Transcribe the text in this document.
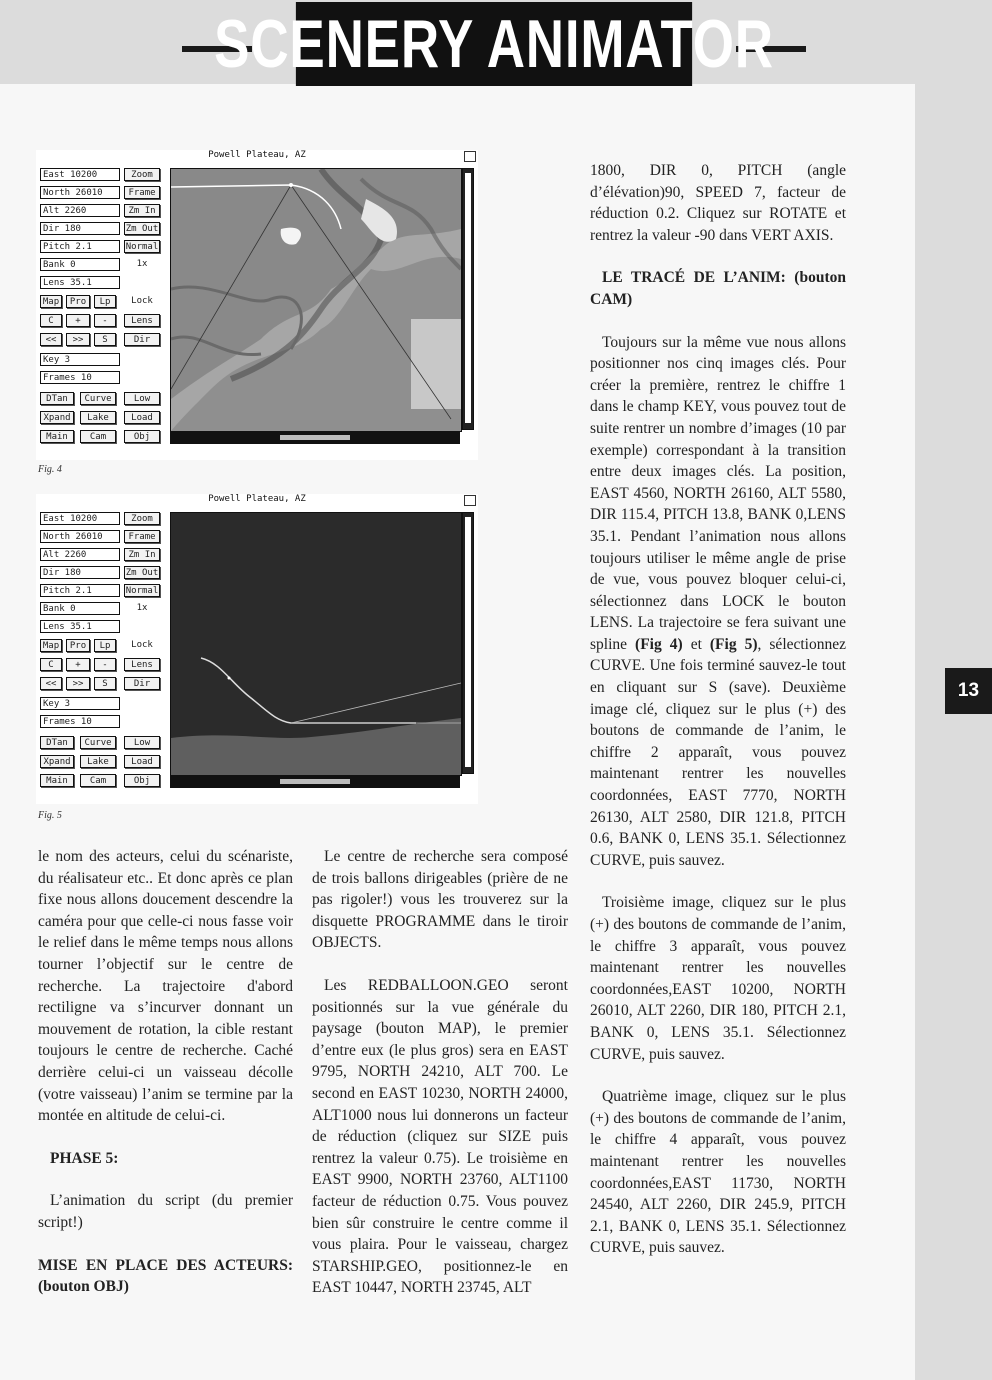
SCENERY ANIMATOR
13
Powell Plateau, AZ
East 10200
North 26010
Alt 2260
Dir 180
Pitch 2.1
Bank 0
Lens 35.1
Zoom
Frame
Zm In
Zm Out
Normal
1x
Map	Pro	Lp	Lock
C	+	-	Lens
<<	>>	S	Dir
Key 3
Frames 10
DTan	Curve	Low
Xpand	Lake	Load
Main	Cam	Obj
Fig. 4
Powell Plateau, AZ
East 10200
North 26010
Alt 2260
Dir 180
Pitch 2.1
Bank 0
Lens 35.1
Zoom
Frame
Zm In
Zm Out
Normal
1x
Map	Pro	Lp	Lock
C	+	-	Lens
<<	>>	S	Dir
Key 3
Frames 10
DTan	Curve	Low
Xpand	Lake	Load
Main	Cam	Obj
Fig. 5

le nom des acteurs, celui du scénariste, du réalisateur etc.. Et donc après ce plan fixe nous allons doucement descendre la caméra pour que celle-ci nous fasse voir le relief dans le même temps nous allons tourner l’objectif sur le centre de recherche. La trajectoire d'abord rectiligne va s’incurver donnant un mouvement de rotation, la cible restant toujours le centre de recherche. Caché derrière celui-ci un vaisseau décolle (votre vaisseau) l’anim se termine par la montée en altitude de celui-ci.

PHASE 5:

L’animation du script (du premier script!)

MISE EN PLACE DES ACTEURS:(bouton OBJ)

Le centre de recherche sera composé de trois ballons dirigeables (prière de ne pas rigoler!) vous les trouverez sur la disquette PROGRAMME dans le tiroir OBJECTS.

Les REDBALLOON.GEO seront positionnés sur la vue générale du paysage (bouton MAP), le premier d’entre eux (le plus gros) sera en EAST 9795, NORTH 24210, ALT 700. Le second en EAST 10230, NORTH 24000, ALT1000 nous lui donnerons un facteur de réduction (cliquez sur SIZE puis rentrez la valeur 0.75). Le troisième en EAST 9900, NORTH 23760, ALT1100 facteur de réduction 0.75. Vous pouvez bien sûr construire le centre comme il vous plaira. Pour le vaisseau, chargez STARSHIP.GEO, positionnez-le en EAST 10447, NORTH 23745, ALT

1800, DIR 0, PITCH (angle d’élévation)90, SPEED 7, facteur de réduction 0.2. Cliquez sur ROTATE et rentrez la valeur -90 dans VERT AXIS.

LE TRACÉ DE L’ANIM: (bouton CAM)

Toujours sur la même vue nous allons positionner nos cinq images clés. Pour créer la première, rentrez le chiffre 1 dans le champ KEY, vous pouvez tout de suite rentrer un nombre d’images (10 par exemple) correspondant à la transition entre deux images clés. La position, EAST 4560, NORTH 26160, ALT 5580, DIR 115.4, PITCH 13.8, BANK 0,LENS 35.1. Pendant l’animation nous allons toujours utiliser le même angle de prise de vue, vous pouvez bloquer celui-ci, sélectionnez dans LOCK le bouton LENS. La trajectoire se fera suivant une spline (Fig 4) et (Fig 5), sélectionnez CURVE. Une fois terminé sauvez-le tout en cliquant sur S (save). Deuxième image clé, cliquez sur le plus (+) des boutons de commande de l’anim, le chiffre 2 apparaît, vous pouvez maintenant rentrer les nouvelles coordonnées, EAST 7770, NORTH 26130, ALT 2580, DIR 121.8, PITCH 0.6, BANK 0, LENS 35.1. Sélectionnez CURVE, puis sauvez.

Troisième image, cliquez sur le plus (+) des boutons de commande de l’anim, le chiffre 3 apparaît, vous pouvez maintenant rentrer les nouvelles coordonnées,EAST 10200, NORTH 26010, ALT 2260, DIR 180, PITCH 2.1, BANK 0, LENS 35.1. Sélectionnez CURVE, puis sauvez.

Quatrième image, cliquez sur le plus (+) des boutons de commande de l’anim, le chiffre 4 apparaît, vous pouvez maintenant rentrer les nouvelles coordonnées,EAST 11730, NORTH 24540, ALT 2260, DIR 245.9, PITCH 2.1, BANK 0, LENS 35.1. Sélectionnez CURVE, puis sauvez.
